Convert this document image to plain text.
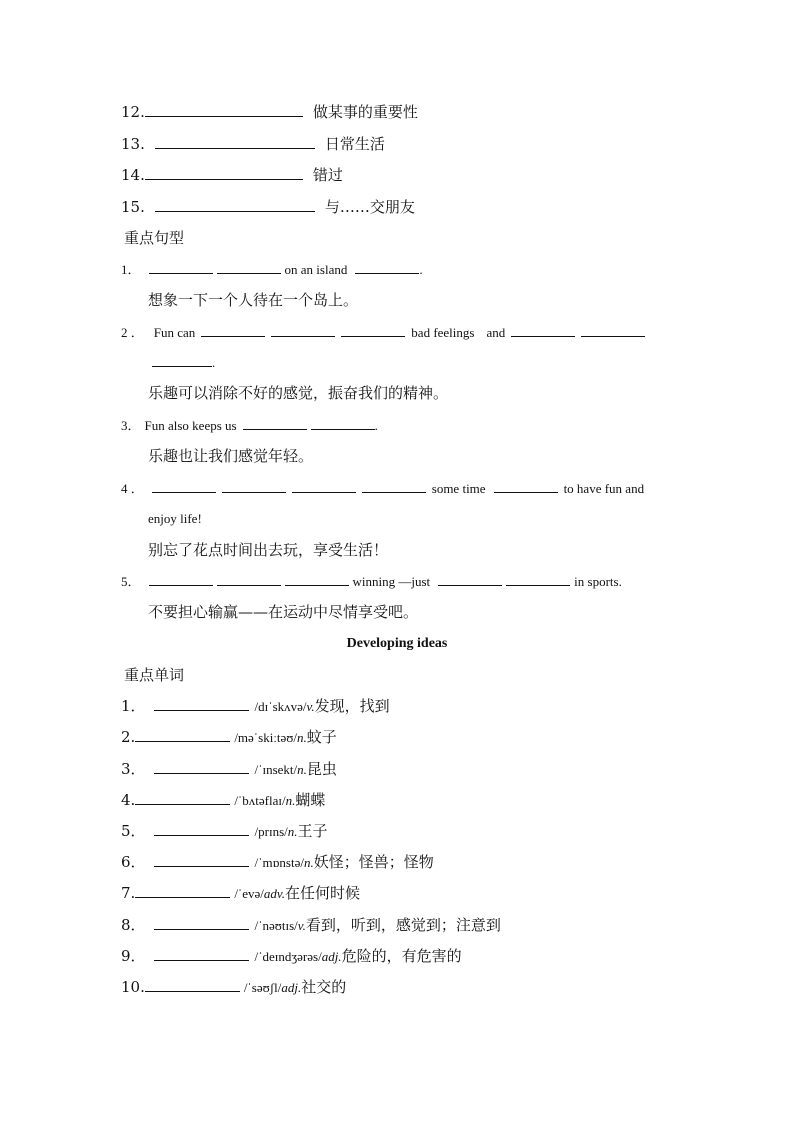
12.	做某事的重要性
13.	日常生活
14.	错过
15.	与……交朋友
重点句型
1．	on an island	.
想象一下一个人待在一个岛上。
2 ． Fun can	bad feelings and
.
乐趣可以消除不好的感觉，振奋我们的精神。
3． Fun also keeps us	.
乐趣也让我们感觉年轻。
4 ．	some time	to have fun and
enjoy life!
别忘了花点时间出去玩，享受生活！
5．	winning —just	in sports.
不要担心输赢——在运动中尽情享受吧。
Developing ideas
重点单词
1．	/dɪˈskʌvə/v.发现，找到
2.	/məˈskiːtəʊ/n.蚊子
3．	/ˈɪnsekt/n.昆虫
4.	/ˈbʌtəflaɪ/n.蝴蝶
5．	/prɪns/n.王子
6．	/ˈmɒnstə/n.妖怪；怪兽；怪物
7.	/ˈevə/adv.在任何时候
8．	/ˈnəʊtɪs/v.看到，听到，感觉到；注意到
9．	/ˈdeɪndʒərəs/adj.危险的，有危害的
10.	/ˈsəʊʃl/adj.社交的
